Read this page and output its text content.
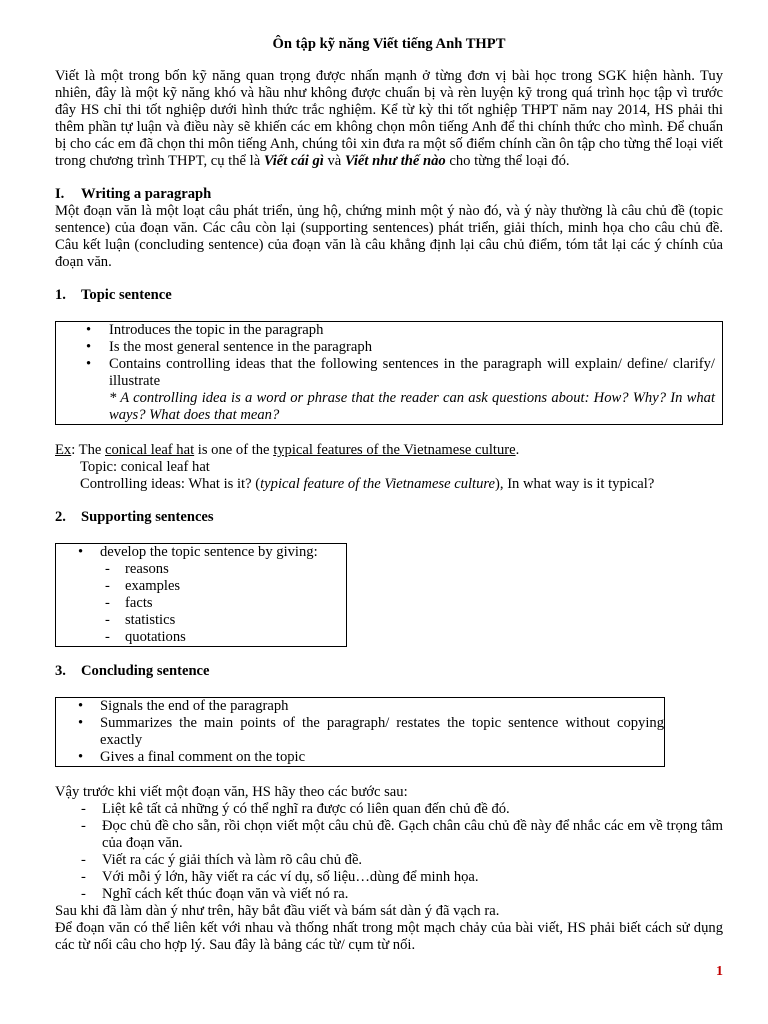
Ôn tập kỹ năng Viết tiếng Anh THPT

Viết là một trong bốn kỹ năng quan trọng được nhấn mạnh ở từng đơn vị bài học trong SGK hiện hành. Tuy nhiên, đây là một kỹ năng khó và hầu như không được chuẩn bị và rèn luyện kỹ trong quá trình học tập vì trước đây HS chỉ thi tốt nghiệp dưới hình thức trắc nghiệm. Kể từ kỳ thi tốt nghiệp THPT năm nay 2014, HS phải thi thêm phần tự luận và điều này sẽ khiến các em không chọn môn tiếng Anh để thi chính thức cho mình. Để chuẩn bị cho các em đã chọn thi môn tiếng Anh, chúng tôi xin đưa ra một số điểm chính cần ôn tập cho từng thể loại viết trong chương trình THPT, cụ thể là Viết cái gì và Viết như thế nào cho từng thể loại đó.

I. Writing a paragraph

Một đoạn văn là một loạt câu phát triển, ủng hộ, chứng minh một ý nào đó, và ý này thường là câu chủ đề (topic sentence) của đoạn văn. Các câu còn lại (supporting sentences) phát triển, giải thích, minh họa cho câu chủ đề. Câu kết luận (concluding sentence) của đoạn văn là câu khẳng định lại câu chủ điểm, tóm tắt lại các ý chính của đoạn văn.

1. Topic sentence
• Introduces the topic in the paragraph
• Is the most general sentence in the paragraph
• Contains controlling ideas that the following sentences in the paragraph will explain/ define/ clarify/ illustrate
* A controlling idea is a word or phrase that the reader can ask questions about: How? Why? In what ways? What does that mean?
Ex: The conical leaf hat is one of the typical features of the Vietnamese culture.
Topic: conical leaf hat
Controlling ideas: What is it? (typical feature of the Vietnamese culture), In what way is it typical?
2. Supporting sentences
• develop the topic sentence by giving:
- reasons
- examples
- facts
- statistics
- quotations
3. Concluding sentence
• Signals the end of the paragraph
• Summarizes the main points of the paragraph/ restates the topic sentence without copying exactly
• Gives a final comment on the topic

Vậy trước khi viết một đoạn văn, HS hãy theo các bước sau:

- Liệt kê tất cả những ý có thể nghĩ ra được có liên quan đến chủ đề đó.
- Đọc chủ đề cho sẵn, rồi chọn viết một câu chủ đề. Gạch chân câu chủ đề này để nhắc các em về trọng tâm của đoạn văn.
- Viết ra các ý giải thích và làm rõ câu chủ đề.
- Với mỗi ý lớn, hãy viết ra các ví dụ, số liệu…dùng để minh họa.
- Nghĩ cách kết thúc đoạn văn và viết nó ra.

Sau khi đã làm dàn ý như trên, hãy bắt đầu viết và bám sát dàn ý đã vạch ra.

Để đoạn văn có thể liên kết với nhau và thống nhất trong một mạch chảy của bài viết, HS phải biết cách sử dụng các từ nối câu cho hợp lý. Sau đây là bảng các từ/ cụm từ nối.

1
